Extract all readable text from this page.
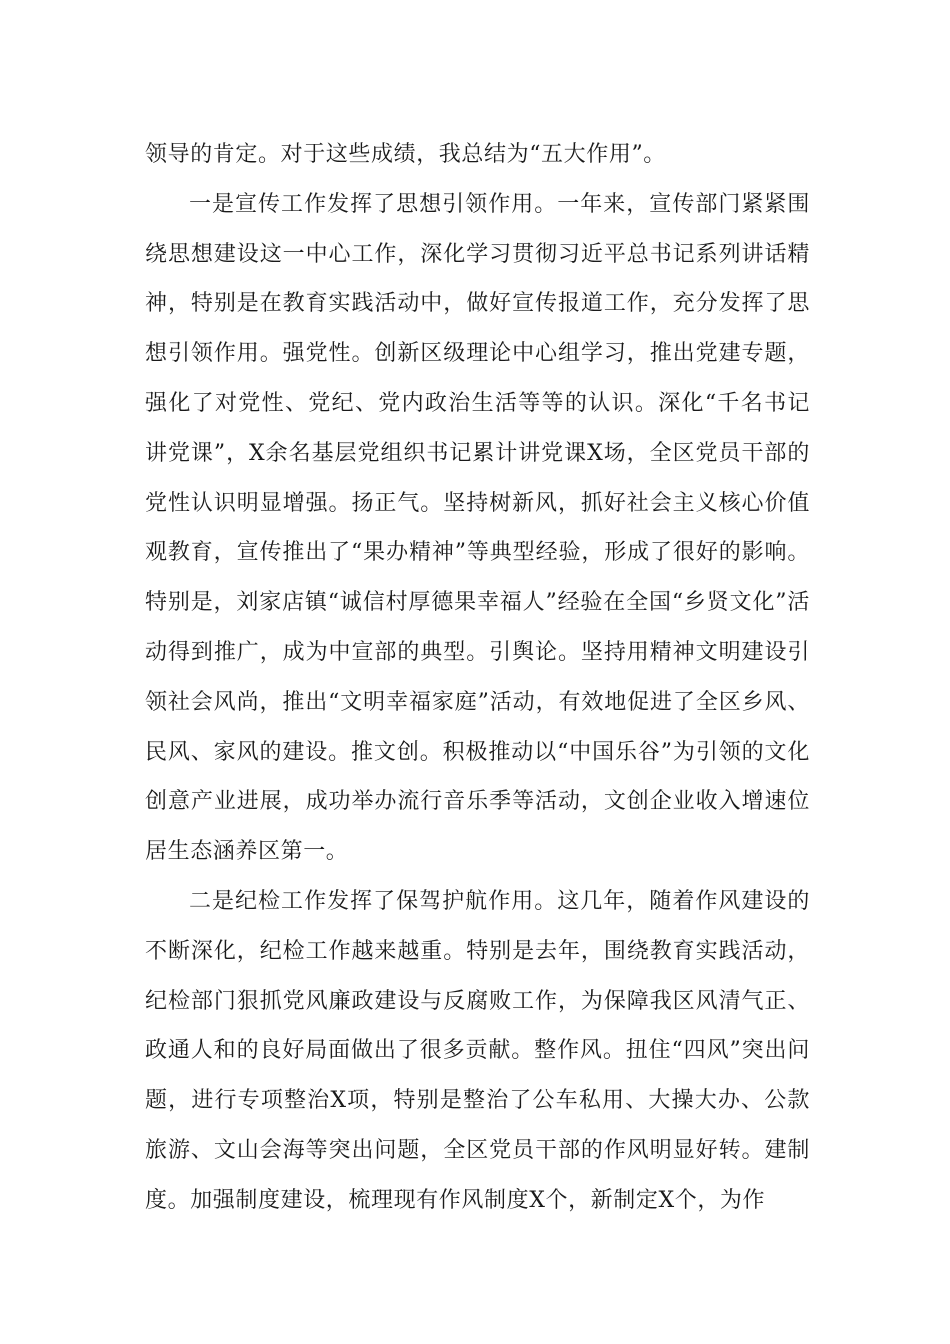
领导的肯定。对于这些成绩，我总结为“五大作用”。

一是宣传工作发挥了思想引领作用。一年来，宣传部门紧紧围绕思想建设这一中心工作，深化学习贯彻习近平总书记系列讲话精神，特别是在教育实践活动中，做好宣传报道工作，充分发挥了思想引领作用。强党性。创新区级理论中心组学习，推出党建专题，强化了对党性、党纪、党内政治生活等等的认识。深化“千名书记讲党课”，X余名基层党组织书记累计讲党课X场，全区党员干部的党性认识明显增强。扬正气。坚持树新风，抓好社会主义核心价值观教育，宣传推出了“果办精神”等典型经验，形成了很好的影响。特别是，刘家店镇“诚信村厚德果幸福人”经验在全国“乡贤文化”活动得到推广，成为中宣部的典型。引舆论。坚持用精神文明建设引领社会风尚，推出“文明幸福家庭”活动，有效地促进了全区乡风、民风、家风的建设。推文创。积极推动以“中国乐谷”为引领的文化创意产业进展，成功举办流行音乐季等活动，文创企业收入增速位居生态涵养区第一。

二是纪检工作发挥了保驾护航作用。这几年，随着作风建设的不断深化，纪检工作越来越重。特别是去年，围绕教育实践活动，纪检部门狠抓党风廉政建设与反腐败工作，为保障我区风清气正、政通人和的良好局面做出了很多贡献。整作风。扭住“四风”突出问题，进行专项整治X项，特别是整治了公车私用、大操大办、公款旅游、文山会海等突出问题，全区党员干部的作风明显好转。建制度。加强制度建设，梳理现有作风制度X个，新制定X个，为作
